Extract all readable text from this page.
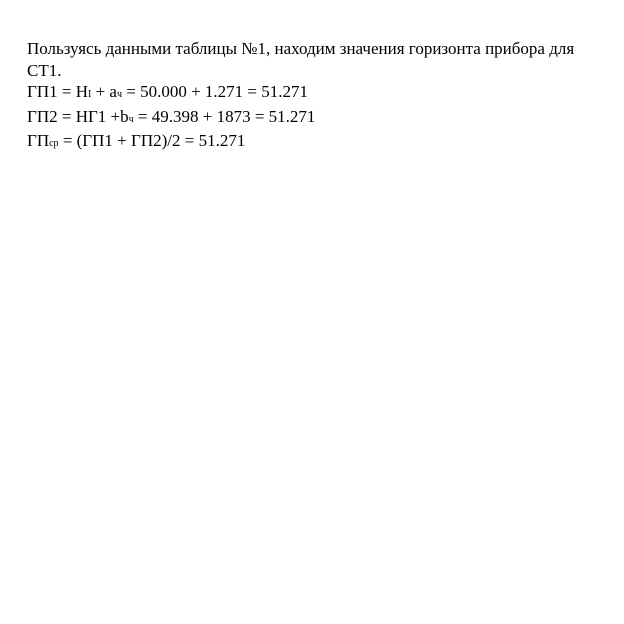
Пользуясь данными таблицы №1, находим значения горизонта прибора для СТ1.
ГП1 = НI + ач = 50.000 + 1.271 = 51.271
ГП2 = НГ1 +bч = 49.398 + 1873 = 51.271
ГПср = (ГП1 + ГП2)/2 = 51.271
